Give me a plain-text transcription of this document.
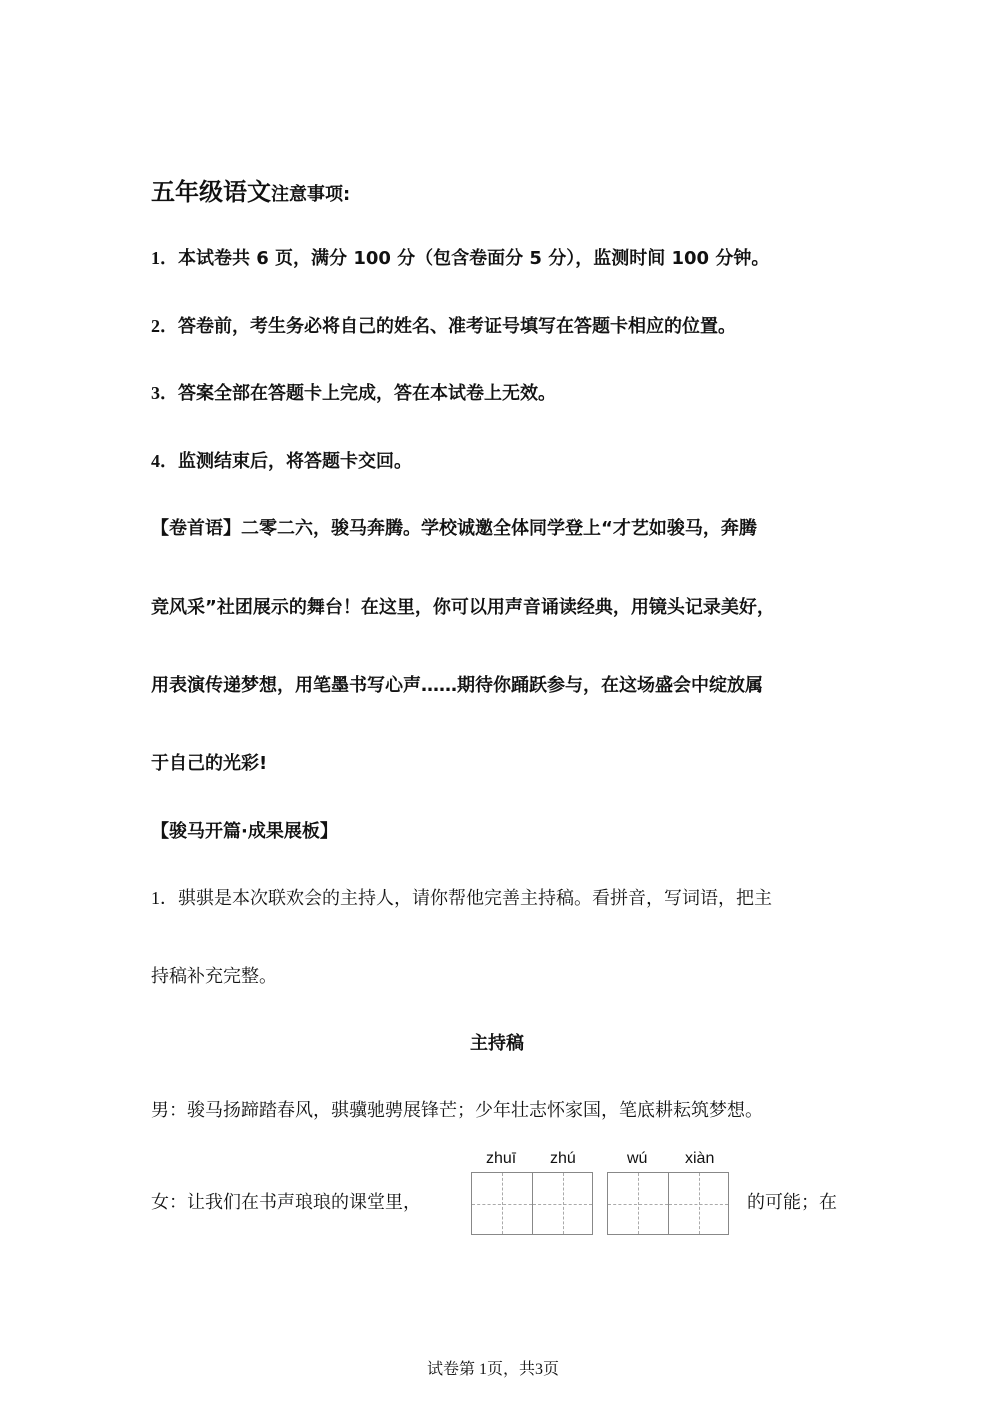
五年级语文注意事项:
1．本试卷共 6 页，满分 100 分（包含卷面分 5 分），监测时间 100 分钟。
2．答卷前，考生务必将自己的姓名、准考证号填写在答题卡相应的位置。
3．答案全部在答题卡上完成，答在本试卷上无效。
4．监测结束后，将答题卡交回。
【卷首语】二零二六，骏马奔腾。学校诚邀全体同学登上“才艺如骏马，奔腾
竞风采”社团展示的舞台！在这里，你可以用声音诵读经典，用镜头记录美好，
用表演传递梦想，用笔墨书写心声……期待你踊跃参与，在这场盛会中绽放属
于自己的光彩!
【骏马开篇·成果展板】
1．骐骐是本次联欢会的主持人，请你帮他完善主持稿。看拼音，写词语，把主
持稿补充完整。
主持稿
男：骏马扬蹄踏春风，骐骥驰骋展锋芒；少年壮志怀家国，笔底耕耘筑梦想。
zhuī zhú	wú xiàn
女：让我们在书声琅琅的课堂里，	的可能；在
试卷第 1页，共3页
